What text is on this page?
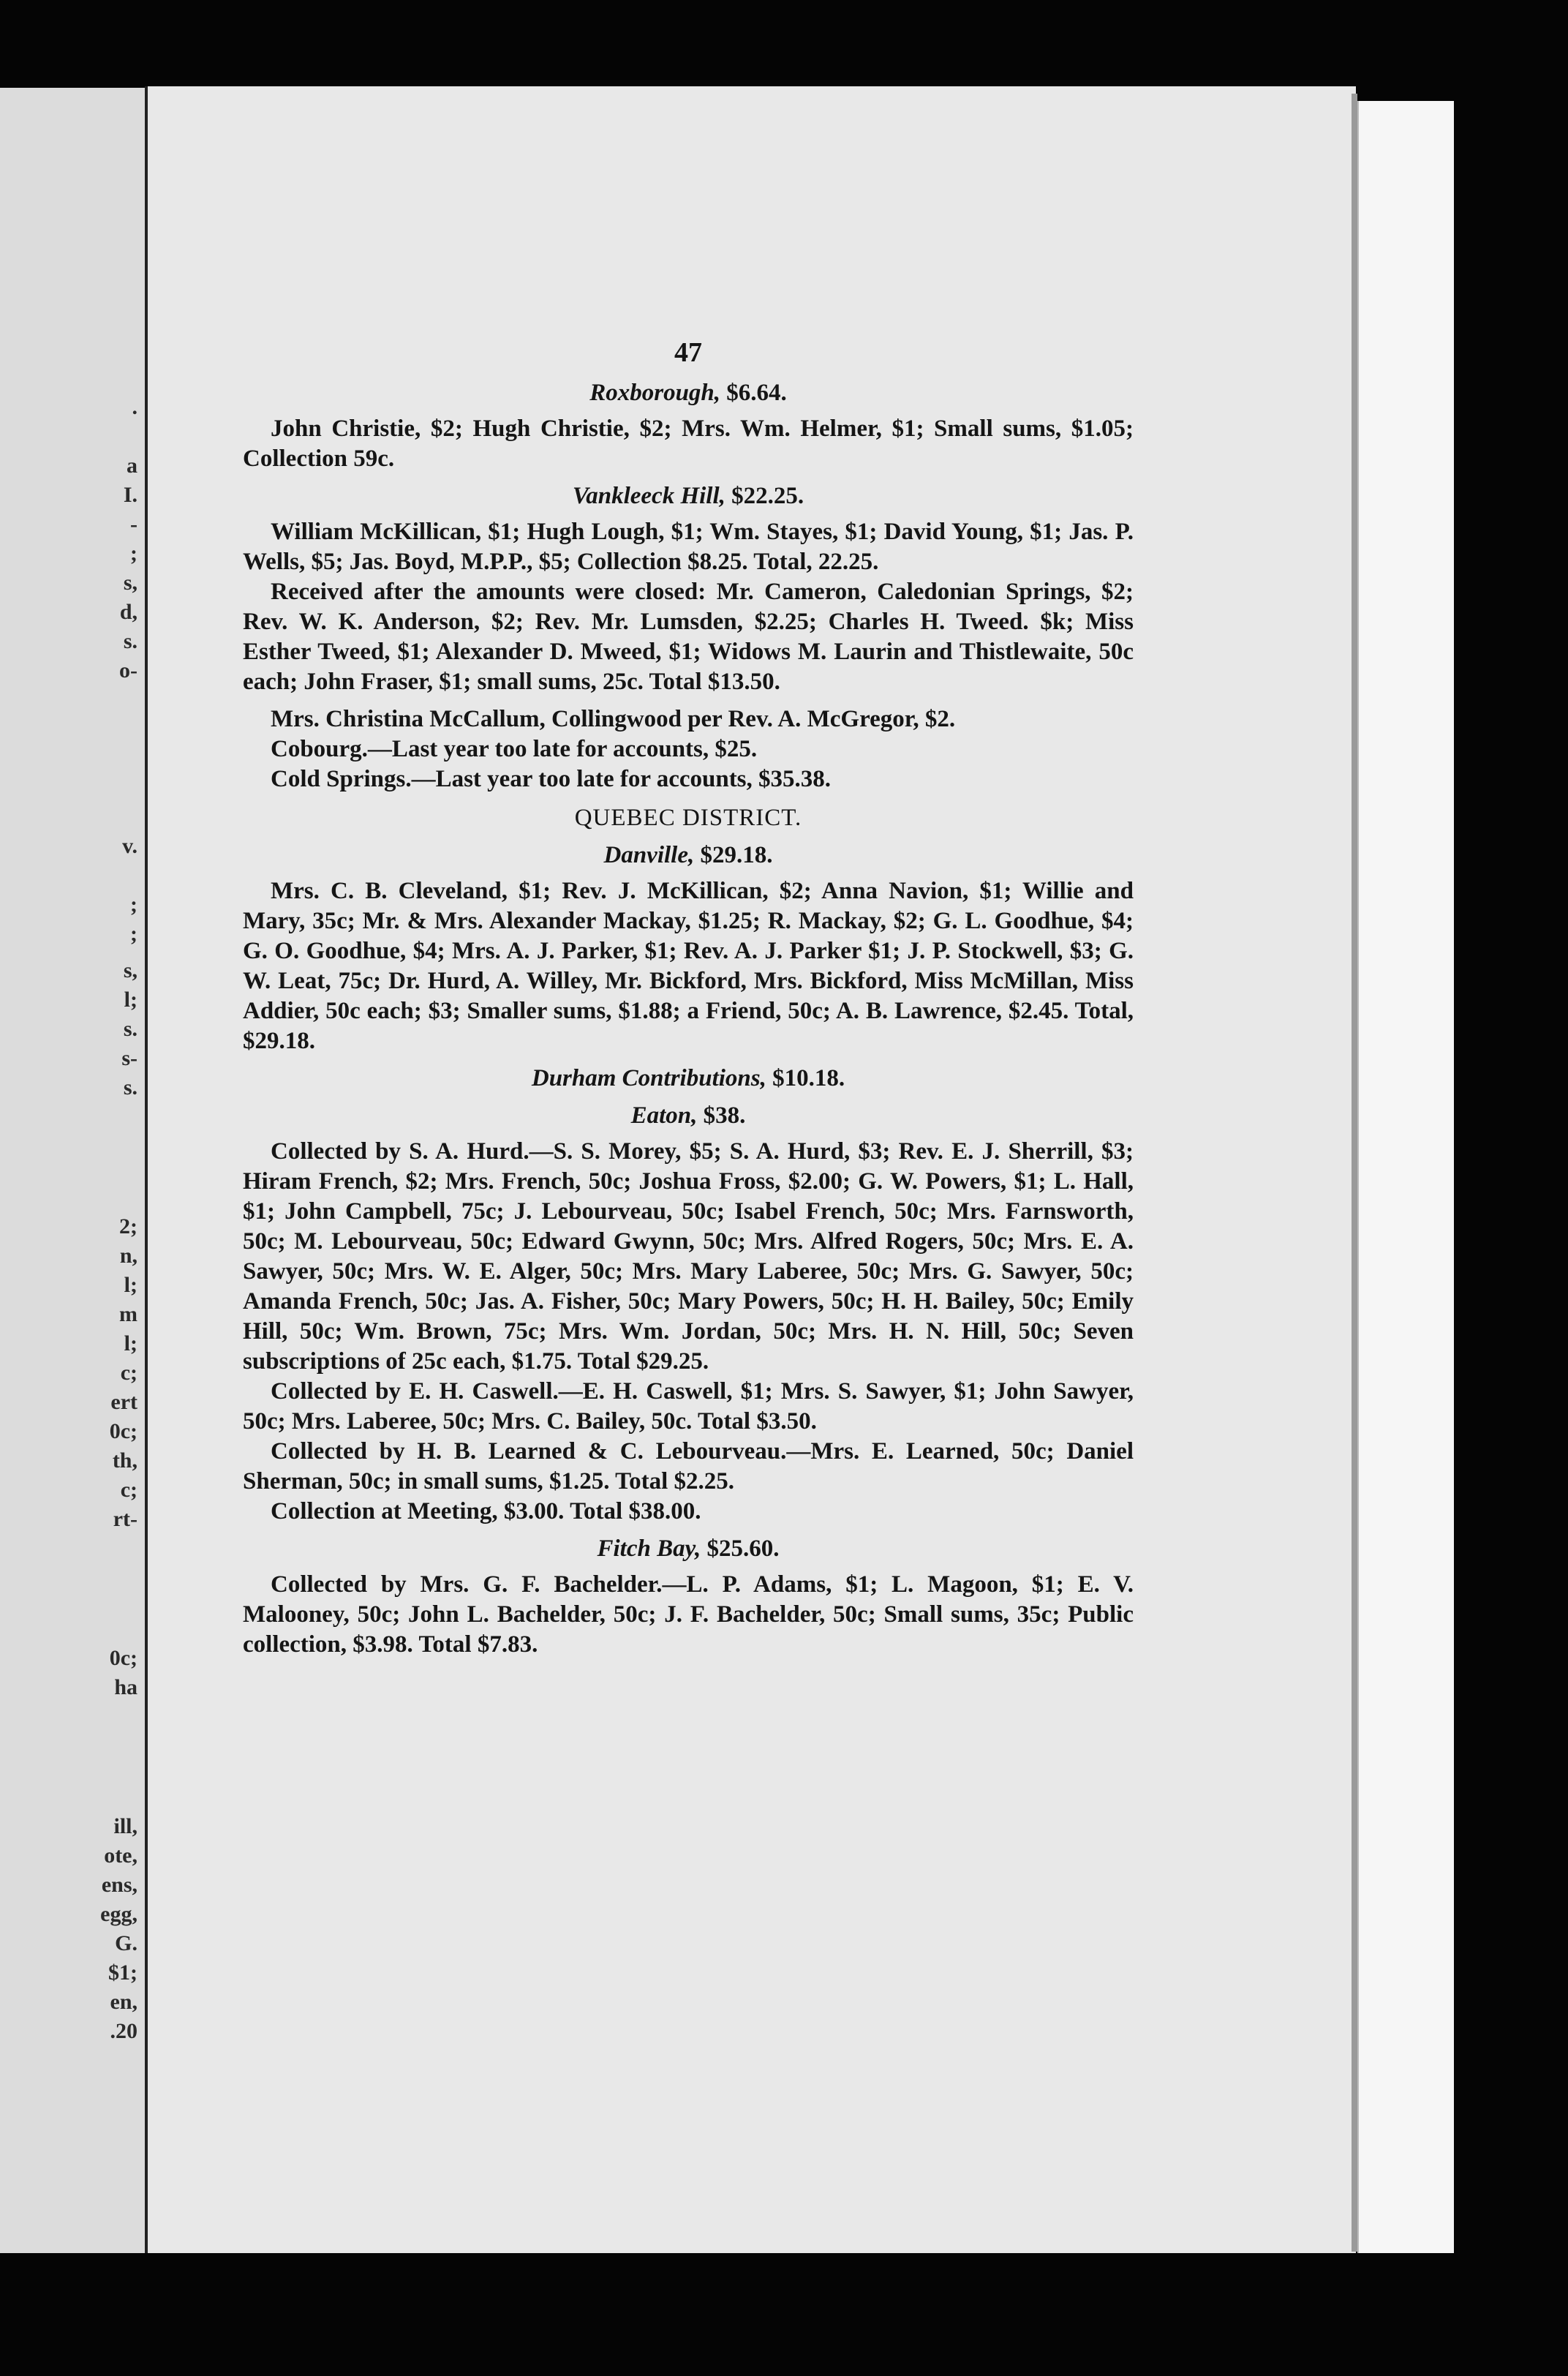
.
a
I.
-
;
s,
d,
s.
o-
v.
;
;
s,
l;
s.
s-
s.
2;
n,
l;
m
l;
c;
ert
0c;
th,
c;
rt-
0c;
ha
ill,
ote,
ens,
egg,
G.
$1;
en,
.20
47
Roxborough, $6.64.

John Christie, $2; Hugh Christie, $2; Mrs. Wm. Helmer, $1; Small sums, $1.05; Collection 59c.

Vankleeck Hill, $22.25.

William McKillican, $1; Hugh Lough, $1; Wm. Stayes, $1; David Young, $1; Jas. P. Wells, $5; Jas. Boyd, M.P.P., $5; Collection $8.25. Total, 22.25.

Received after the amounts were closed: Mr. Cameron, Caledonian Springs, $2; Rev. W. K. Anderson, $2; Rev. Mr. Lumsden, $2.25; Charles H. Tweed. $k; Miss Esther Tweed, $1; Alexander D. Mweed, $1; Widows M. Laurin and Thistlewaite, 50c each; John Fraser, $1; small sums, 25c. Total $13.50.

Mrs. Christina McCallum, Collingwood per Rev. A. McGregor, $2.

Cobourg.—Last year too late for accounts, $25.

Cold Springs.—Last year too late for accounts, $35.38.

QUEBEC DISTRICT.
Danville, $29.18.

Mrs. C. B. Cleveland, $1; Rev. J. McKillican, $2; Anna Navion, $1; Willie and Mary, 35c; Mr. & Mrs. Alexander Mackay, $1.25; R. Mackay, $2; G. L. Goodhue, $4; G. O. Goodhue, $4; Mrs. A. J. Parker, $1; Rev. A. J. Parker $1; J. P. Stockwell, $3; G. W. Leat, 75c; Dr. Hurd, A. Willey, Mr. Bickford, Mrs. Bickford, Miss McMillan, Miss Addier, 50c each; $3; Smaller sums, $1.88; a Friend, 50c; A. B. Lawrence, $2.45. Total, $29.18.

Durham Contributions, $10.18.
Eaton, $38.

Collected by S. A. Hurd.—S. S. Morey, $5; S. A. Hurd, $3; Rev. E. J. Sherrill, $3; Hiram French, $2; Mrs. French, 50c; Joshua Fross, $2.00; G. W. Powers, $1; L. Hall, $1; John Campbell, 75c; J. Lebourveau, 50c; Isabel French, 50c; Mrs. Farnsworth, 50c; M. Lebourveau, 50c; Edward Gwynn, 50c; Mrs. Alfred Rogers, 50c; Mrs. E. A. Sawyer, 50c; Mrs. W. E. Alger, 50c; Mrs. Mary Laberee, 50c; Mrs. G. Sawyer, 50c; Amanda French, 50c; Jas. A. Fisher, 50c; Mary Powers, 50c; H. H. Bailey, 50c; Emily Hill, 50c; Wm. Brown, 75c; Mrs. Wm. Jordan, 50c; Mrs. H. N. Hill, 50c; Seven subscriptions of 25c each, $1.75. Total $29.25.

Collected by E. H. Caswell.—E. H. Caswell, $1; Mrs. S. Sawyer, $1; John Sawyer, 50c; Mrs. Laberee, 50c; Mrs. C. Bailey, 50c. Total $3.50.

Collected by H. B. Learned & C. Lebourveau.—Mrs. E. Learned, 50c; Daniel Sherman, 50c; in small sums, $1.25. Total $2.25.

Collection at Meeting, $3.00. Total $38.00.

Fitch Bay, $25.60.

Collected by Mrs. G. F. Bachelder.—L. P. Adams, $1; L. Magoon, $1; E. V. Malooney, 50c; John L. Bachelder, 50c; J. F. Bachelder, 50c; Small sums, 35c; Public collection, $3.98. Total $7.83.
